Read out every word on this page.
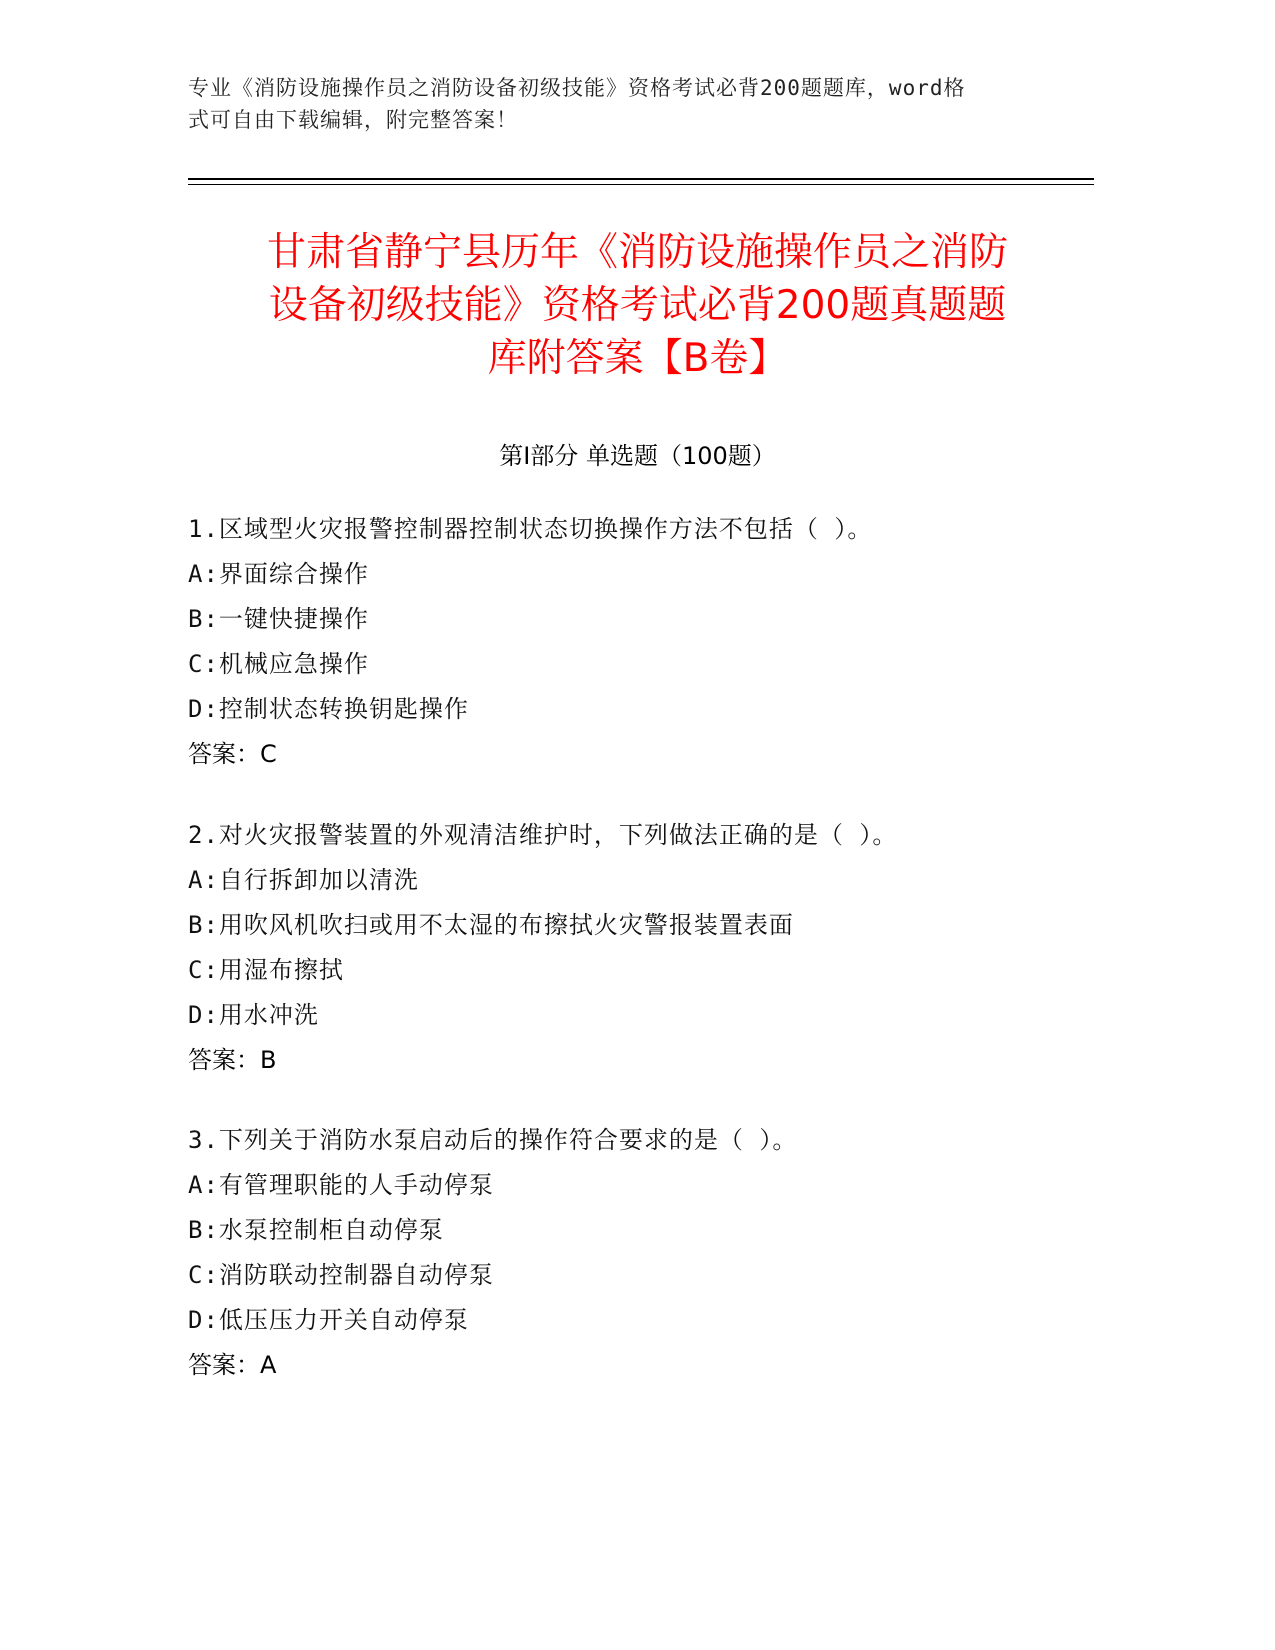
专业《消防设施操作员之消防设备初级技能》资格考试必背200题题库，word格
式可自由下载编辑，附完整答案！
甘肃省静宁县历年《消防设施操作员之消防
设备初级技能》资格考试必背200题真题题
库附答案【B卷】
第Ⅰ部分 单选题（100题）
1.区域型火灾报警控制器控制状态切换操作方法不包括（ ）。
A:界面综合操作
B:一键快捷操作
C:机械应急操作
D:控制状态转换钥匙操作
答案：C
2.对火灾报警装置的外观清洁维护时，下列做法正确的是（ ）。
A:自行拆卸加以清洗
B:用吹风机吹扫或用不太湿的布擦拭火灾警报装置表面
C:用湿布擦拭
D:用水冲洗
答案：B
3.下列关于消防水泵启动后的操作符合要求的是（ ）。
A:有管理职能的人手动停泵
B:水泵控制柜自动停泵
C:消防联动控制器自动停泵
D:低压压力开关自动停泵
答案：A
